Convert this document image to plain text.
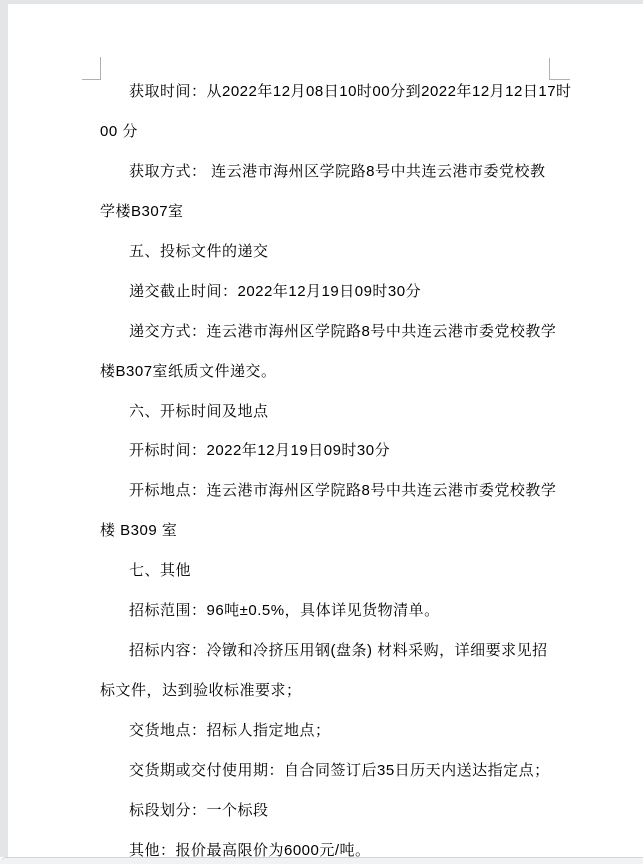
获取时间：从2022年12月08日10时00分到2022年12月12日17时
00 分
获取方式： 连云港市海州区学院路8号中共连云港市委党校教
学楼B307室
五、投标文件的递交
递交截止时间：2022年12月19日09时30分
递交方式：连云港市海州区学院路8号中共连云港市委党校教学
楼B307室纸质文件递交。
六、开标时间及地点
开标时间：2022年12月19日09时30分
开标地点：连云港市海州区学院路8号中共连云港市委党校教学
楼 B309 室
七、其他
招标范围：96吨±0.5%，具体详见货物清单。
招标内容：冷镦和冷挤压用钢(盘条) 材料采购，详细要求见招
标文件，达到验收标准要求；
交货地点：招标人指定地点；
交货期或交付使用期：自合同签订后35日历天内送达指定点；
标段划分：一个标段
其他：报价最高限价为6000元/吨。
